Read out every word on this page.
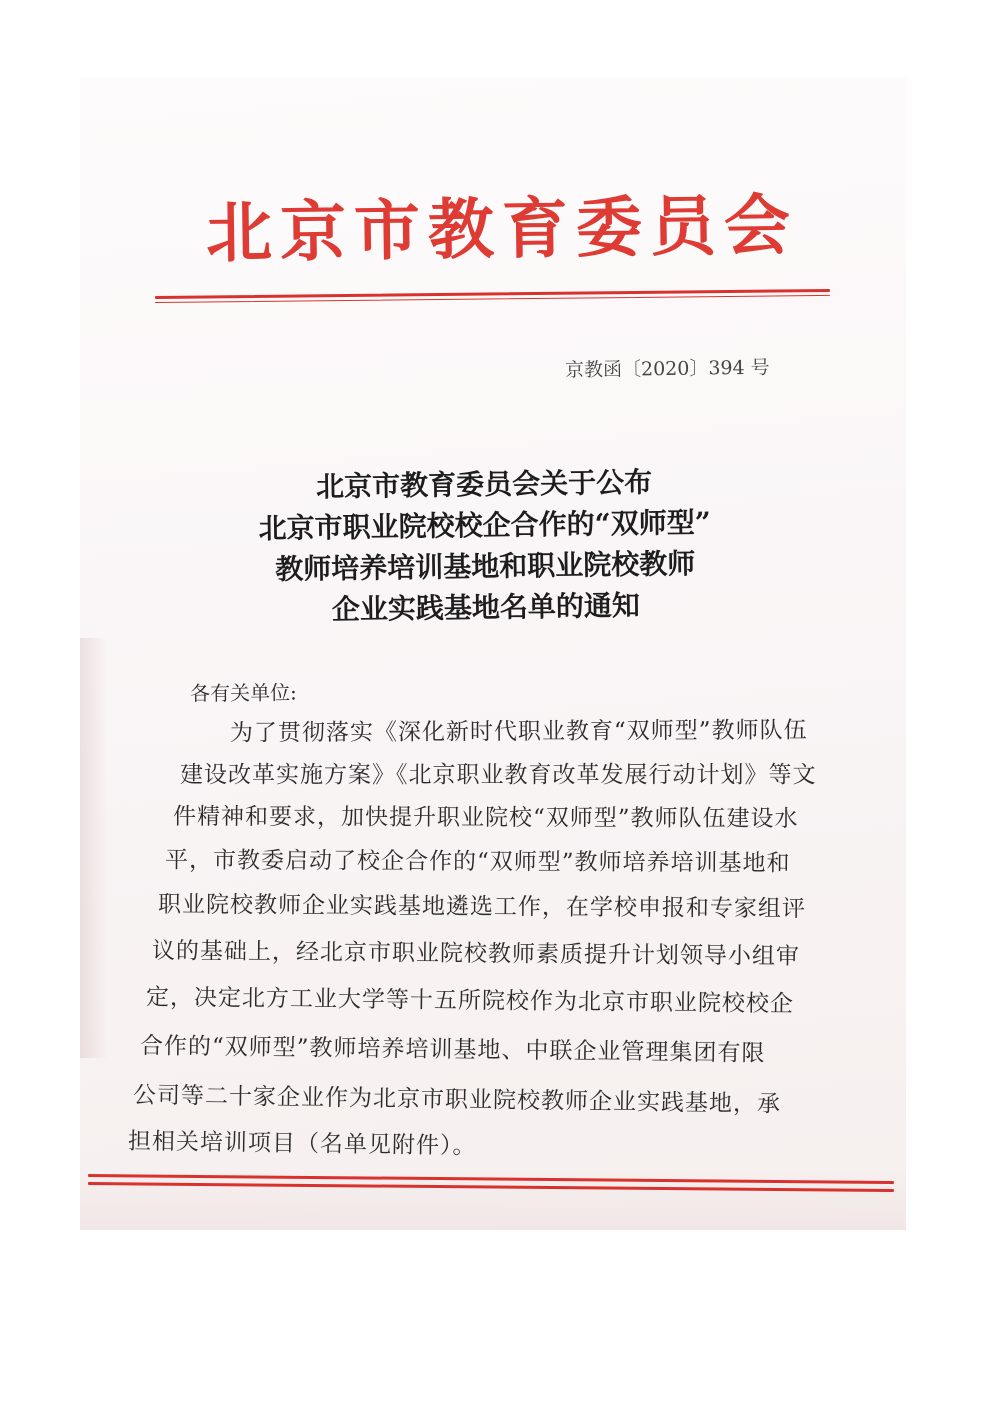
北京市教育委员会
京教函〔2020〕394 号
北京市教育委员会关于公布
北京市职业院校校企合作的“双师型”
教师培养培训基地和职业院校教师
企业实践基地名单的通知
各有关单位:
为了贯彻落实《深化新时代职业教育“双师型”教师队伍
建设改革实施方案》《北京职业教育改革发展行动计划》等文
件精神和要求，加快提升职业院校“双师型”教师队伍建设水
平，市教委启动了校企合作的“双师型”教师培养培训基地和
职业院校教师企业实践基地遴选工作，在学校申报和专家组评
议的基础上，经北京市职业院校教师素质提升计划领导小组审
定，决定北方工业大学等十五所院校作为北京市职业院校校企
合作的“双师型”教师培养培训基地、中联企业管理集团有限
公司等二十家企业作为北京市职业院校教师企业实践基地，承
担相关培训项目（名单见附件）。
